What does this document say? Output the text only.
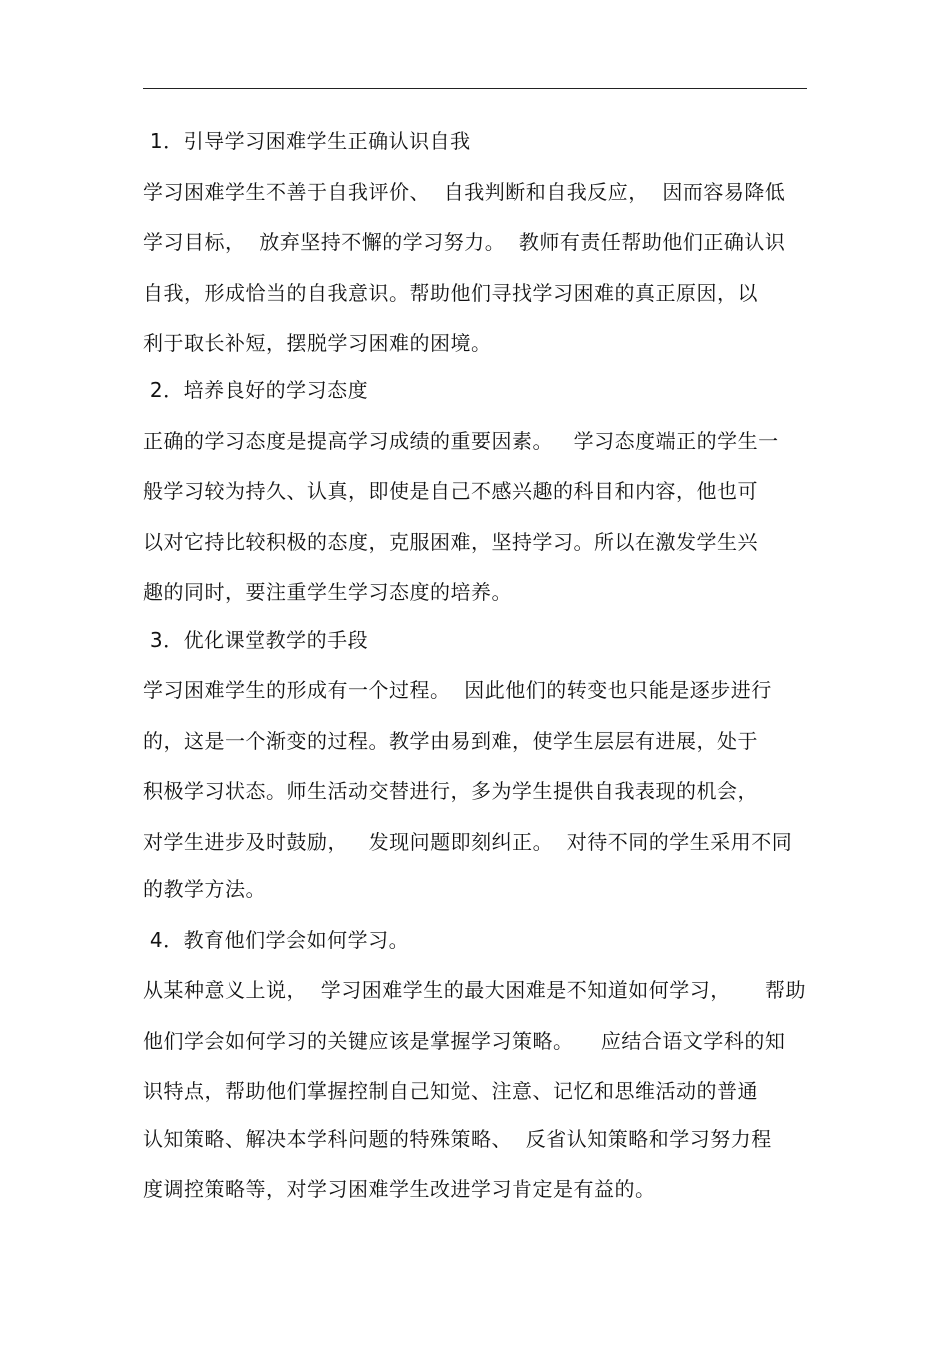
1．引导学习困难学生正确认识自我
学习困难学生不善于自我评价、  自我判断和自我反应，  因而容易降低
学习目标，  放弃坚持不懈的学习努力。  教师有责任帮助他们正确认识
自我，形成恰当的自我意识。帮助他们寻找学习困难的真正原因，以
利于取长补短，摆脱学习困难的困境。
2．培养良好的学习态度
正确的学习态度是提高学习成绩的重要因素。   学习态度端正的学生一
般学习较为持久、认真，即使是自己不感兴趣的科目和内容，他也可
以对它持比较积极的态度，克服困难，坚持学习。所以在激发学生兴
趣的同时，要注重学生学习态度的培养。
3．优化课堂教学的手段
学习困难学生的形成有一个过程。  因此他们的转变也只能是逐步进行
的，这是一个渐变的过程。教学由易到难，使学生层层有进展，处于
积极学习状态。师生活动交替进行，多为学生提供自我表现的机会，
对学生进步及时鼓励，   发现问题即刻纠正。  对待不同的学生采用不同
的教学方法。
4．教育他们学会如何学习。
从某种意义上说，  学习困难学生的最大困难是不知道如何学习，     帮助
他们学会如何学习的关键应该是掌握学习策略。    应结合语文学科的知
识特点，帮助他们掌握控制自己知觉、注意、记忆和思维活动的普通
认知策略、解决本学科问题的特殊策略、  反省认知策略和学习努力程
度调控策略等，对学习困难学生改进学习肯定是有益的。
